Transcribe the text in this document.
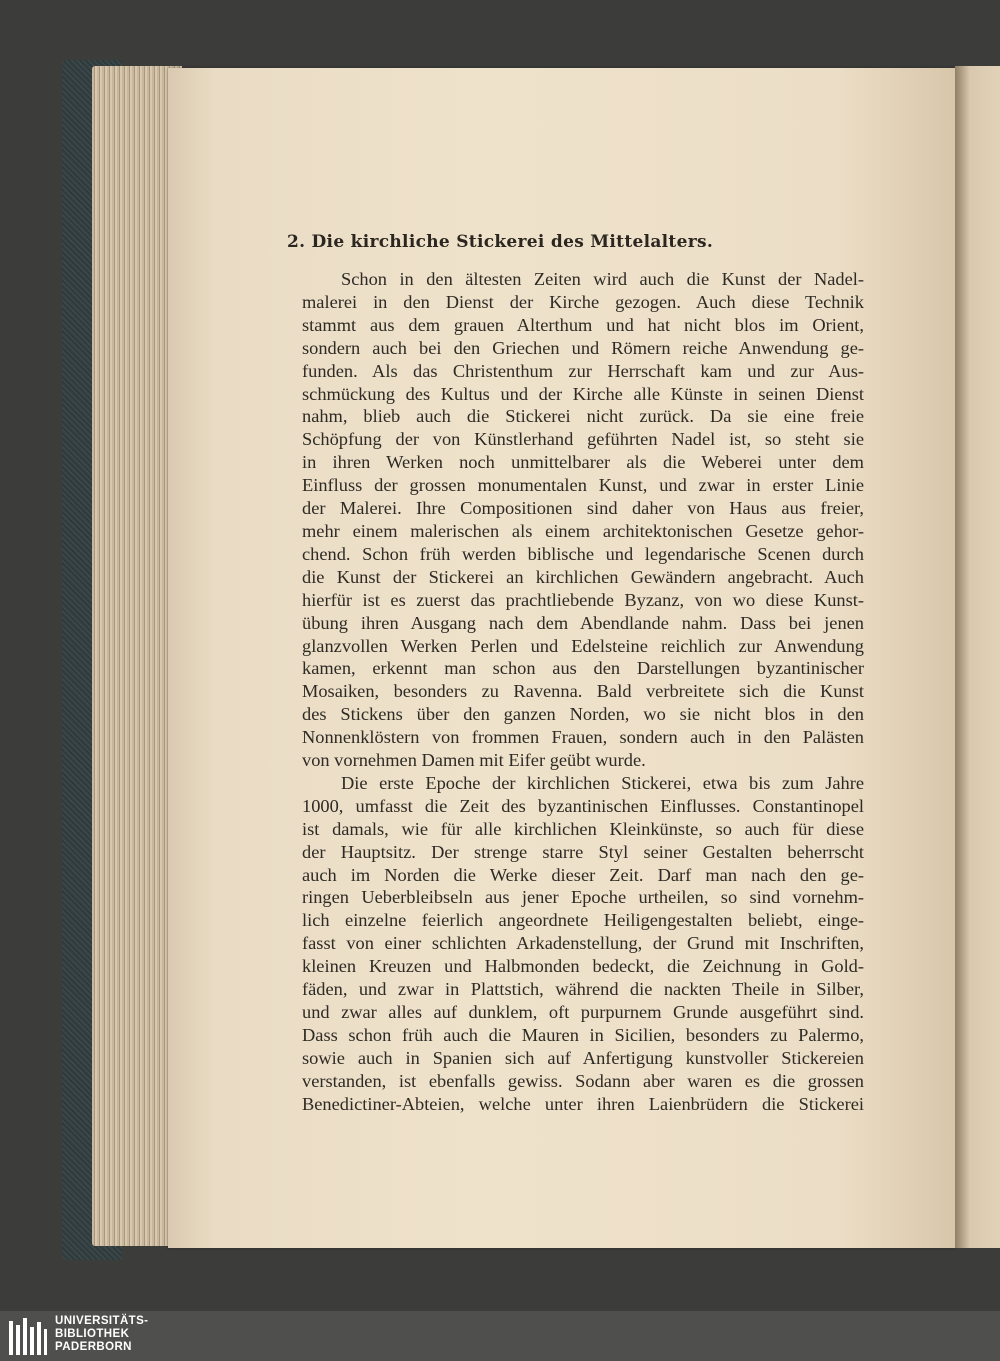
2. Die kirchliche Stickerei des Mittelalters.
Schon in den ältesten Zeiten wird auch die Kunst der Nadel-
malerei in den Dienst der Kirche gezogen. Auch diese Technik
stammt aus dem grauen Alterthum und hat nicht blos im Orient,
sondern auch bei den Griechen und Römern reiche Anwendung ge-
funden. Als das Christenthum zur Herrschaft kam und zur Aus-
schmückung des Kultus und der Kirche alle Künste in seinen Dienst
nahm, blieb auch die Stickerei nicht zurück. Da sie eine freie
Schöpfung der von Künstlerhand geführten Nadel ist, so steht sie
in ihren Werken noch unmittelbarer als die Weberei unter dem
Einfluss der grossen monumentalen Kunst, und zwar in erster Linie
der Malerei. Ihre Compositionen sind daher von Haus aus freier,
mehr einem malerischen als einem architektonischen Gesetze gehor-
chend. Schon früh werden biblische und legendarische Scenen durch
die Kunst der Stickerei an kirchlichen Gewändern angebracht. Auch
hierfür ist es zuerst das prachtliebende Byzanz, von wo diese Kunst-
übung ihren Ausgang nach dem Abendlande nahm. Dass bei jenen
glanzvollen Werken Perlen und Edelsteine reichlich zur Anwendung
kamen, erkennt man schon aus den Darstellungen byzantinischer
Mosaiken, besonders zu Ravenna. Bald verbreitete sich die Kunst
des Stickens über den ganzen Norden, wo sie nicht blos in den
Nonnenklöstern von frommen Frauen, sondern auch in den Palästen
von vornehmen Damen mit Eifer geübt wurde.
Die erste Epoche der kirchlichen Stickerei, etwa bis zum Jahre
1000, umfasst die Zeit des byzantinischen Einflusses. Constantinopel
ist damals, wie für alle kirchlichen Kleinkünste, so auch für diese
der Hauptsitz. Der strenge starre Styl seiner Gestalten beherrscht
auch im Norden die Werke dieser Zeit. Darf man nach den ge-
ringen Ueberbleibseln aus jener Epoche urtheilen, so sind vornehm-
lich einzelne feierlich angeordnete Heiligengestalten beliebt, einge-
fasst von einer schlichten Arkadenstellung, der Grund mit Inschriften,
kleinen Kreuzen und Halbmonden bedeckt, die Zeichnung in Gold-
fäden, und zwar in Plattstich, während die nackten Theile in Silber,
und zwar alles auf dunklem, oft purpurnem Grunde ausgeführt sind.
Dass schon früh auch die Mauren in Sicilien, besonders zu Palermo,
sowie auch in Spanien sich auf Anfertigung kunstvoller Stickereien
verstanden, ist ebenfalls gewiss. Sodann aber waren es die grossen
Benedictiner-Abteien, welche unter ihren Laienbrüdern die Stickerei
UNIVERSITÄTS-
BIBLIOTHEK
PADERBORN
